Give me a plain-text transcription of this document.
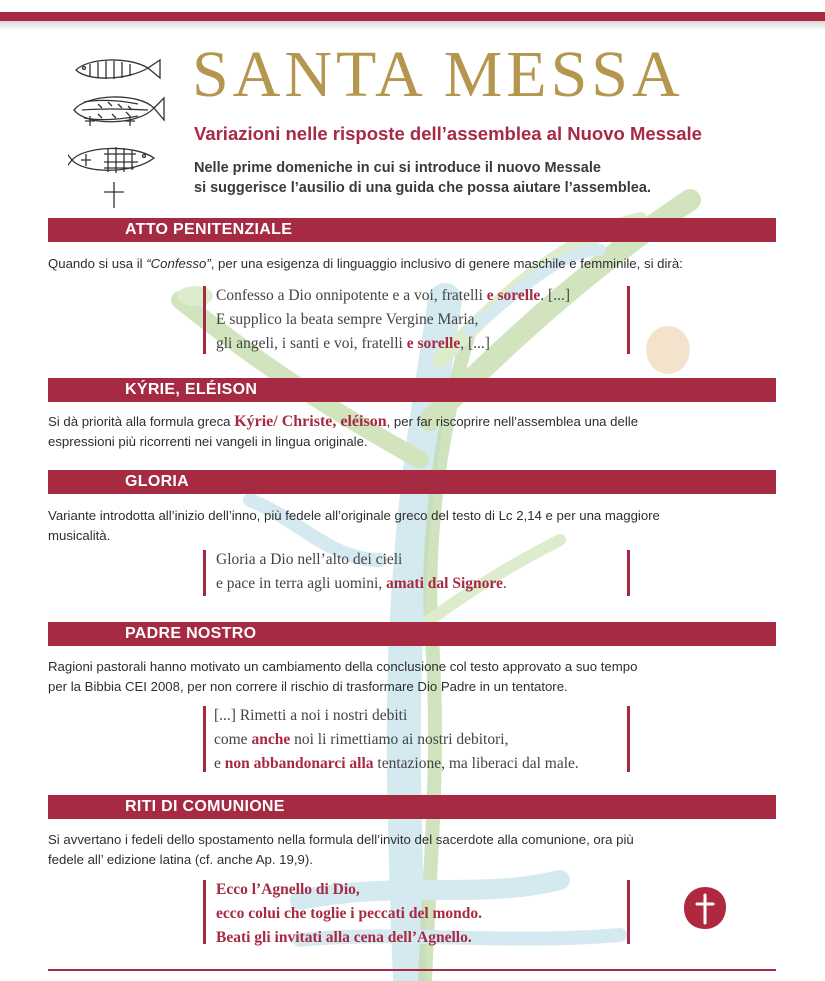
SANTA MESSA
Variazioni nelle risposte dell’assemblea al Nuovo Messale
Nelle prime domeniche in cui si introduce il nuovo Messale
si suggerisce l’ausilio di una guida che possa aiutare l’assemblea.
ATTO PENITENZIALE
Quando si usa il “Confesso”, per una esigenza di linguaggio inclusivo di genere maschile e femminile, si dirà:
Confesso a Dio onnipotente e a voi, fratelli e sorelle. [...]
E supplico la beata sempre Vergine Maria,
gli angeli, i santi e voi, fratelli e sorelle, [...]
KÝRIE, ELÉISON
Si dà priorità alla formula greca Kýrie/ Christe, eléison, per far riscoprire nell’assemblea una delle
espressioni più ricorrenti nei vangeli in lingua originale.
GLORIA
Variante introdotta all’inizio dell’inno, più fedele all’originale greco del testo di Lc 2,14 e per una maggiore
musicalità.
Gloria a Dio nell’alto dei cieli
e pace in terra agli uomini, amati dal Signore.
PADRE NOSTRO
Ragioni pastorali hanno motivato un cambiamento della conclusione col testo approvato a suo tempo
per la Bibbia CEI 2008, per non correre il rischio di trasformare Dio Padre in un tentatore.
[...] Rimetti a noi i nostri debiti
come anche noi li rimettiamo ai nostri debitori,
e non abbandonarci alla tentazione, ma liberaci dal male.
RITI DI COMUNIONE
Si avvertano i fedeli dello spostamento nella formula dell’invito del sacerdote alla comunione, ora più
fedele all’ edizione latina (cf. anche Ap. 19,9).
Ecco l’Agnello di Dio,
ecco colui che toglie i peccati del mondo.
Beati gli invitati alla cena dell’Agnello.
